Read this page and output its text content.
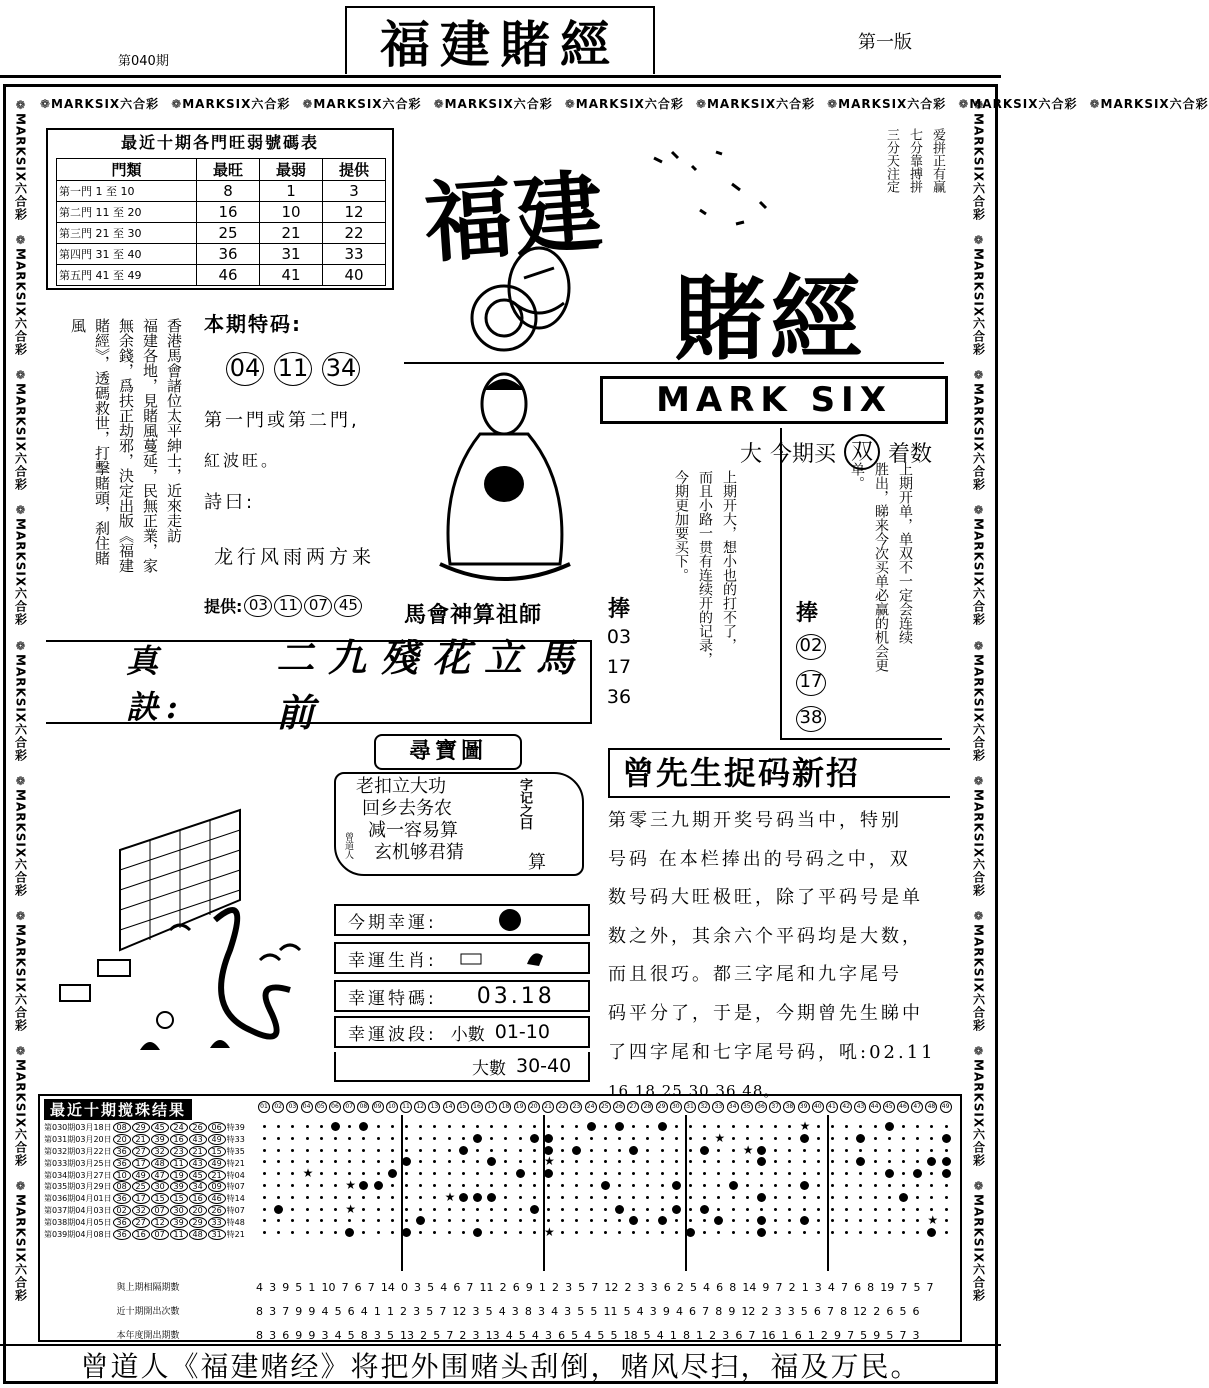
第040期	福建賭經	第一版
❁MARKSIX六合彩 ❁MARKSIX六合彩 ❁MARKSIX六合彩 ❁MARKSIX六合彩 ❁MARKSIX六合彩 ❁MARKSIX六合彩 ❁MARKSIX六合彩 ❁MARKSIX六合彩 ❁MARKSIX六合彩
❁MARKSIX六合彩
❁MARKSIX六合彩
❁MARKSIX六合彩
❁MARKSIX六合彩
❁MARKSIX六合彩
❁MARKSIX六合彩
❁MARKSIX六合彩
❁MARKSIX六合彩
❁MARKSIX六合彩
❁MARKSIX六合彩
❁MARKSIX六合彩
❁MARKSIX六合彩
❁MARKSIX六合彩
❁MARKSIX六合彩
❁MARKSIX六合彩
❁MARKSIX六合彩
❁MARKSIX六合彩
❁MARKSIX六合彩
最近十期各門旺弱號碼表
門類	最旺	最弱	提供
第一門 1 至 10	8	1	3
第二門 11 至 20	16	10	12
第三門 21 至 30	25	21	22
第四門 31 至 40	36	31	33
第五門 41 至 49	46	41	40 福建
賭經
三分天注定 七分靠搏拼 爱拼正有赢
MARK SIX
香港馬會諸位太平紳士，近來走訪
福建各地，見賭風蔓延，民無正業，家
無余錢，爲扶正劫邪，決定出版《福建
賭經》，透碼救世，打擊賭頭，刹住賭
風	本期特码:
04 11 34
第一門或第二門,
紅波旺。
詩曰:
龙行风雨两方来
提供: 03 11 07 45 馬會神算祖師	捧
03
17
36
真訣:
二九殘花立馬前
大 今期买 双 着数
上期开大，想小也的打不了，
而且小路一贯有连续开的记录，
今期更加要买下。	上期开单，单双不一定会连续
胜出，睇来今次买单必赢的机会更
单。
捧
02
17
38
尋寶圖
老扣立大功
回乡去务农
减一容易算
玄机够君猜
字记之曰
算
曾道人
今期幸運:
幸運生肖:
幸運特碼: 03.18
幸運波段: 小數 01-10
大數 30-40
曾先生捉码新招
第零三九期开奖号码当中，特别
号码 在本栏捧出的号码之中，双
数号码大旺极旺，除了平码号是单
数之外，其余六个平码均是大数，
而且很巧。都三字尾和九字尾号
码平分了，于是，今期曾先生睇中
了四字尾和七字尾号码，吼:02.11
16.18.25.30.36.48。
最近十期搅珠结果
第030期03月18日 08	29	45	24	26	06 特39
第031期03月20日 20	21	39	16	43	49 特33
第032期03月22日 36	27	32	23	21	15 特35
第033期03月25日 36	17	48	11	43	49 特21
第034期03月27日 10	49	47	19	45	21 特04
第035期03月29日 08	25	30	39	34	09 特07
第036期04月01日 36	17	15	15	16	46 特14
第037期04月03日 02	32	07	30	20	26 特07
第038期04月05日 36	27	12	39	29	33 特48
第039期04月08日 36	16	07	11	48	31 特21
01	02	03	04	05	06	07	08	09	10	11	12	13	14	15	16	17	18	19	20	21	22	23	24	25	26	27	28	29	30	31	32	33	34	35	36	37	38	39	40	41	42	43	44	45	46	47	48	49
★
★
★
★
★
★
★
★
★
★
與上期相隔期數
近十期開出次數
本年度開出期數
4 3 9 5 1 10 7 6 7 14 0 3 5 4 6 7 11 2 6 9 1 2 3 5 7 12 2 3 3 6 2 5 4 6 8 14 9 7 2 1 3 4 7 6 8 19 7 5 7
8 3 7 9 9 4 5 6 4 1 1 2 3 5 7 12 3 5 4 3 8 3 4 3 5 5 11 5 4 3 9 4 6 7 8 9 12 2 3 3 5 6 7 8 12 2 6 5 6
8 3 6 9 9 3 4 5 8 3 5 13 2 5 7 2 3 13 4 5 4 3 6 5 4 5 5 18 5 4 1 8 1 2 3 6 7 16 1 6 1 2 9 7 5 9 5 7 3
曾道人《福建赌经》将把外围赌头刮倒，赌风尽扫，福及万民。
